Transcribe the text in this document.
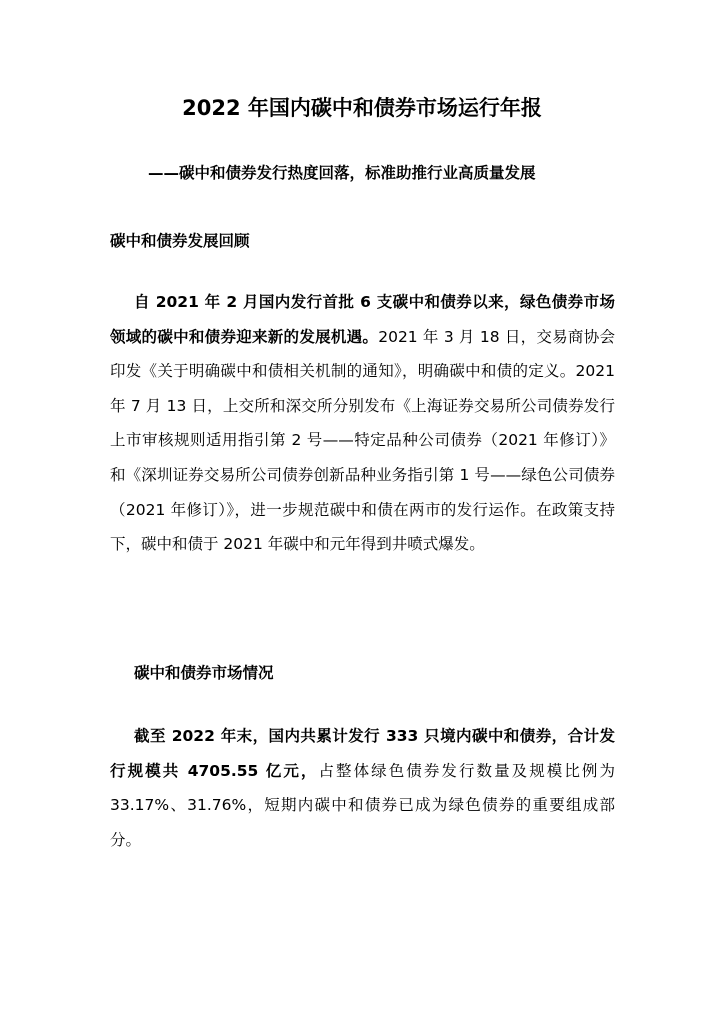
2022 年国内碳中和债券市场运行年报
——碳中和债券发行热度回落，标准助推行业高质量发展
碳中和债券发展回顾

自 2021 年 2 月国内发行首批 6 支碳中和债券以来，绿色债券市场领域的碳中和债券迎来新的发展机遇。2021 年 3 月 18 日，交易商协会印发《关于明确碳中和债相关机制的通知》，明确碳中和债的定义。2021 年 7 月 13 日，上交所和深交所分别发布《上海证券交易所公司债券发行上市审核规则适用指引第 2 号——特定品种公司债券（2021 年修订）》和《深圳证券交易所公司债券创新品种业务指引第 1 号——绿色公司债券（2021 年修订）》，进一步规范碳中和债在两市的发行运作。在政策支持下，碳中和债于 2021 年碳中和元年得到井喷式爆发。

碳中和债券市场情况

截至 2022 年末，国内共累计发行 333 只境内碳中和债券，合计发行规模共 4705.55 亿元，占整体绿色债券发行数量及规模比例为 33.17%、31.76%，短期内碳中和债券已成为绿色债券的重要组成部分。
